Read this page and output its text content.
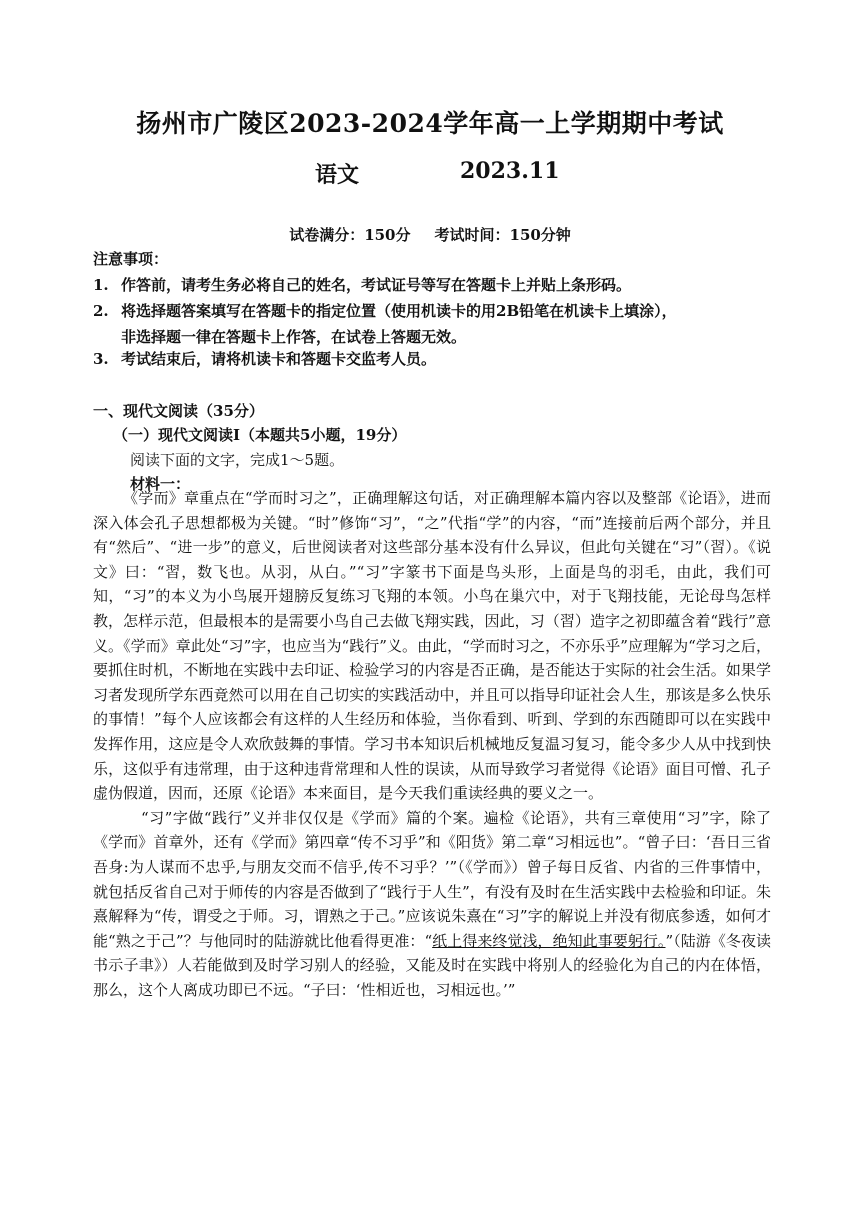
扬州市广陵区2023-2024学年高一上学期期中考试
语文	2023.11
试卷满分：150分 考试时间：150分钟
注意事项：
1. 作答前，请考生务必将自己的姓名，考试证号等写在答题卡上并贴上条形码。
2. 将选择题答案填写在答题卡的指定位置（使用机读卡的用2B铅笔在机读卡上填涂），
非选择题一律在答题卡上作答，在试卷上答题无效。
3. 考试结束后，请将机读卡和答题卡交监考人员。
一、现代文阅读（35分）
（一）现代文阅读Ⅰ（本题共5小题，19分）
阅读下面的文字，完成1～5题。
材料一：

《学而》章重点在“学而时习之”，正确理解这句话，对正确理解本篇内容以及整部《论语》，进而深入体会孔子思想都极为关键。“时”修饰“习”，“之”代指“学”的内容，“而”连接前后两个部分，并且有“然后”、“进一步”的意义，后世阅读者对这些部分基本没有什么异议，但此句关键在“习”（習）。《说文》曰：“習，数飞也。从羽，从白。”“习”字篆书下面是鸟头形，上面是鸟的羽毛，由此，我们可知，“习”的本义为小鸟展开翅膀反复练习飞翔的本领。小鸟在巢穴中，对于飞翔技能，无论母鸟怎样教，怎样示范，但最根本的是需要小鸟自己去做飞翔实践，因此，习（習）造字之初即蕴含着“践行”意义。《学而》章此处“习”字，也应当为“践行”义。由此，“学而时习之，不亦乐乎”应理解为“学习之后，要抓住时机，不断地在实践中去印证、检验学习的内容是否正确，是否能达于实际的社会生活。如果学习者发现所学东西竟然可以用在自己切实的实践活动中，并且可以指导印证社会人生，那该是多么快乐的事情！”每个人应该都会有这样的人生经历和体验，当你看到、听到、学到的东西随即可以在实践中发挥作用，这应是令人欢欣鼓舞的事情。学习书本知识后机械地反复温习复习，能令多少人从中找到快乐，这似乎有违常理，由于这种违背常理和人性的误读，从而导致学习者觉得《论语》面目可憎、孔子虚伪假道，因而，还原《论语》本来面目，是今天我们重读经典的要义之一。

“习”字做“践行”义并非仅仅是《学而》篇的个案。遍检《论语》，共有三章使用“习”字，除了《学而》首章外，还有《学而》第四章“传不习乎”和《阳货》第二章“习相远也”。“曾子曰：‘吾日三省吾身:为人谋而不忠乎,与朋友交而不信乎,传不习乎？’”（《学而》）曾子每日反省、内省的三件事情中，就包括反省自己对于师传的内容是否做到了“践行于人生”，有没有及时在生活实践中去检验和印证。朱熹解释为“传，谓受之于师。习，谓熟之于己。”应该说朱熹在“习”字的解说上并没有彻底参透，如何才能“熟之于己”？与他同时的陆游就比他看得更准：“纸上得来终觉浅，绝知此事要躬行。”（陆游《冬夜读书示子聿》）人若能做到及时学习别人的经验，又能及时在实践中将别人的经验化为自己的内在体悟，那么，这个人离成功即已不远。“子曰：‘性相近也，习相远也。’”
